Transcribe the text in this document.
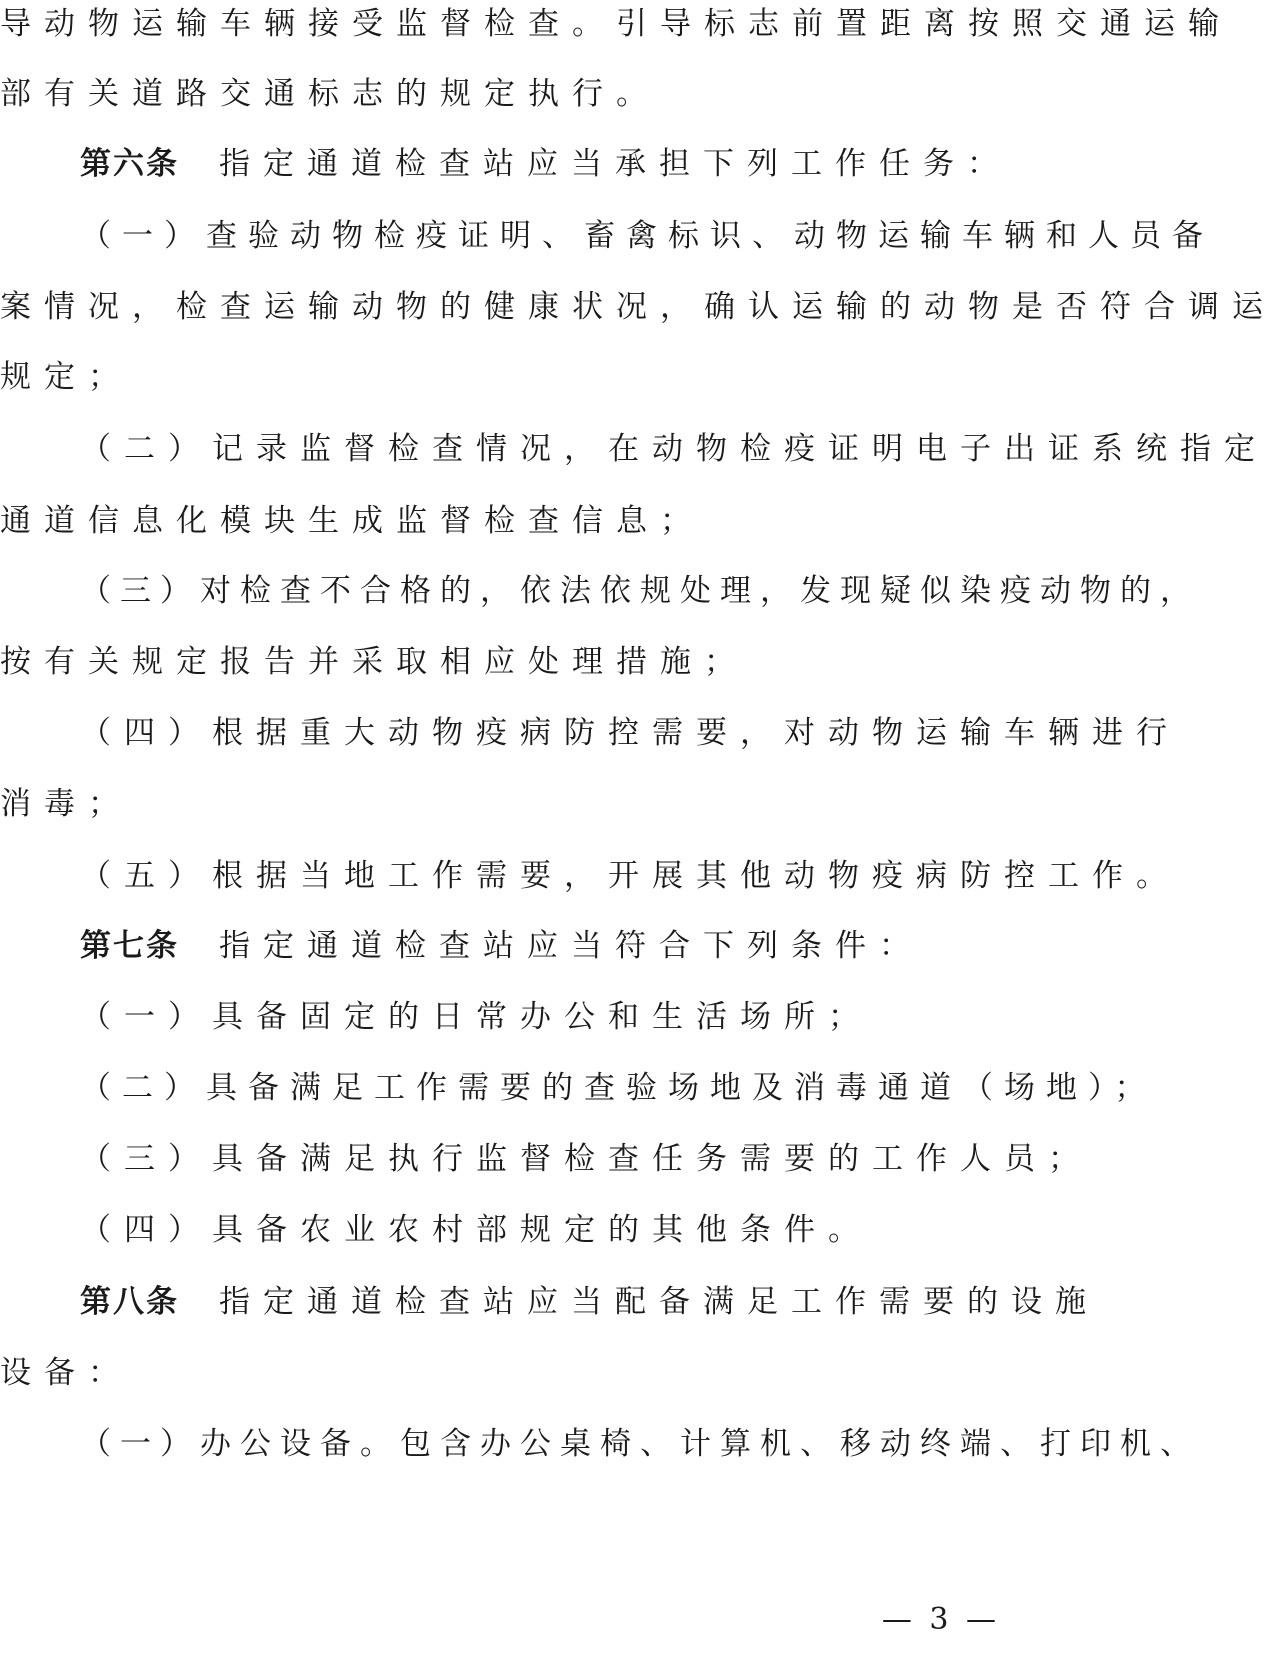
导动物运输车辆接受监督检查。引导标志前置距离按照交通运输
部有关道路交通标志的规定执行。
第六条 指定通道检查站应当承担下列工作任务：
（一）查验动物检疫证明、畜禽标识、动物运输车辆和人员备
案情况，检查运输动物的健康状况，确认运输的动物是否符合调运
规定；
（二）记录监督检查情况，在动物检疫证明电子出证系统指定
通道信息化模块生成监督检查信息；
（三）对检查不合格的，依法依规处理，发现疑似染疫动物的，
按有关规定报告并采取相应处理措施；
（四）根据重大动物疫病防控需要，对动物运输车辆进行
消毒；
（五）根据当地工作需要，开展其他动物疫病防控工作。
第七条 指定通道检查站应当符合下列条件：
（一）具备固定的日常办公和生活场所；
（二）具备满足工作需要的查验场地及消毒通道（场地）；
（三）具备满足执行监督检查任务需要的工作人员；
（四）具备农业农村部规定的其他条件。
第八条 指定通道检查站应当配备满足工作需要的设施
设备：
（一）办公设备。包含办公桌椅、计算机、移动终端、打印机、
— 3 —
